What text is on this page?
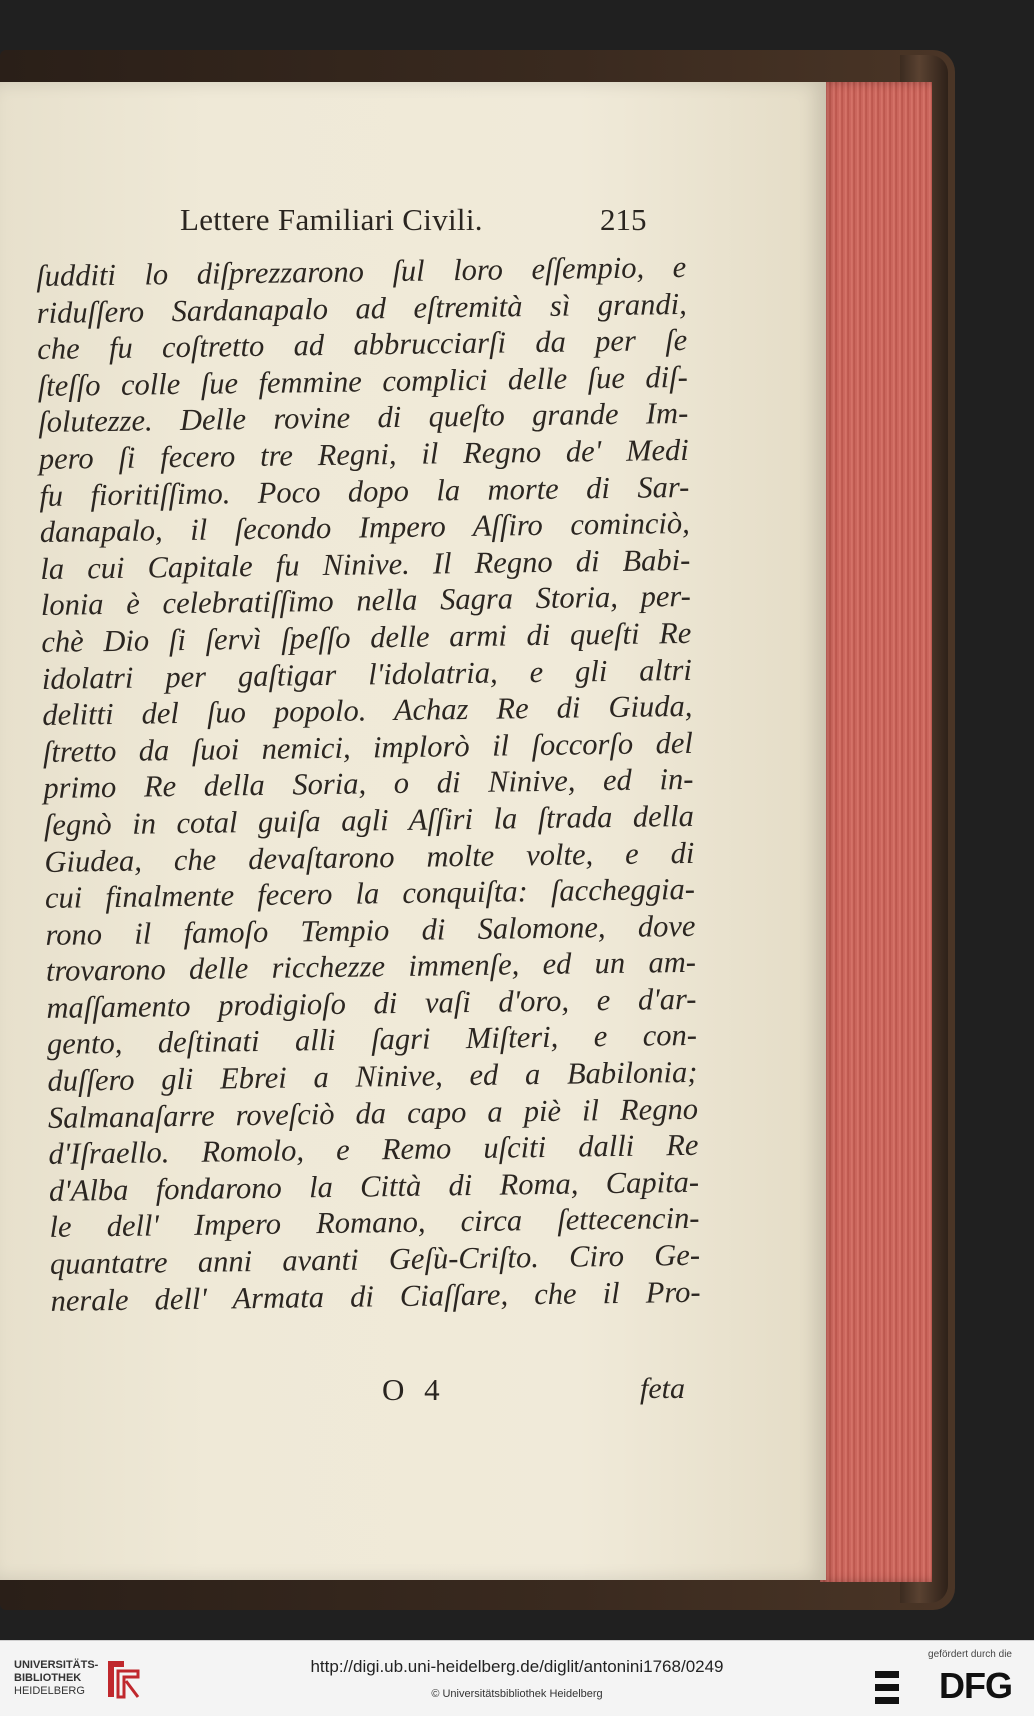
Lettere Familiari Civili.	215
ſudditi lo diſprezzarono ſul loro eſſempio, e
riduſſero Sardanapalo ad eſtremità sì grandi,
che fu coſtretto ad abbrucciarſi da per ſe
ſteſſo colle ſue femmine complici delle ſue diſ-
ſolutezze. Delle rovine di queſto grande Im-
pero ſi fecero tre Regni, il Regno de' Medi
fu fioritiſſimo. Poco dopo la morte di Sar-
danapalo, il ſecondo Impero Aſſiro cominciò,
la cui Capitale fu Ninive. Il Regno di Babi-
lonia è celebratiſſimo nella Sagra Storia, per-
chè Dio ſi ſervì ſpeſſo delle armi di queſti Re
idolatri per gaſtigar l'idolatria, e gli altri
delitti del ſuo popolo. Achaz Re di Giuda,
ſtretto da ſuoi nemici, implorò il ſoccorſo del
primo Re della Soria, o di Ninive, ed in-
ſegnò in cotal guiſa agli Aſſiri la ſtrada della
Giudea, che devaſtarono molte volte, e di
cui finalmente fecero la conquiſta: ſaccheggia-
rono il famoſo Tempio di Salomone, dove
trovarono delle ricchezze immenſe, ed un am-
maſſamento prodigioſo di vaſi d'oro, e d'ar-
gento, deſtinati alli ſagri Miſteri, e con-
duſſero gli Ebrei a Ninive, ed a Babilonia;
Salmanaſarre roveſciò da capo a piè il Regno
d'Iſraello. Romolo, e Remo uſciti dalli Re
d'Alba fondarono la Città di Roma, Capita-
le dell' Impero Romano, circa ſettecencin-
quantatre anni avanti Geſù-Criſto. Ciro Ge-
nerale dell' Armata di Ciaſſare, che il Pro-
O 4	feta
UNIVERSITÄTS-
BIBLIOTHEK
HEIDELBERG
http://digi.ub.uni-heidelberg.de/diglit/antonini1768/0249
© Universitätsbibliothek Heidelberg
gefördert durch die
DFG
